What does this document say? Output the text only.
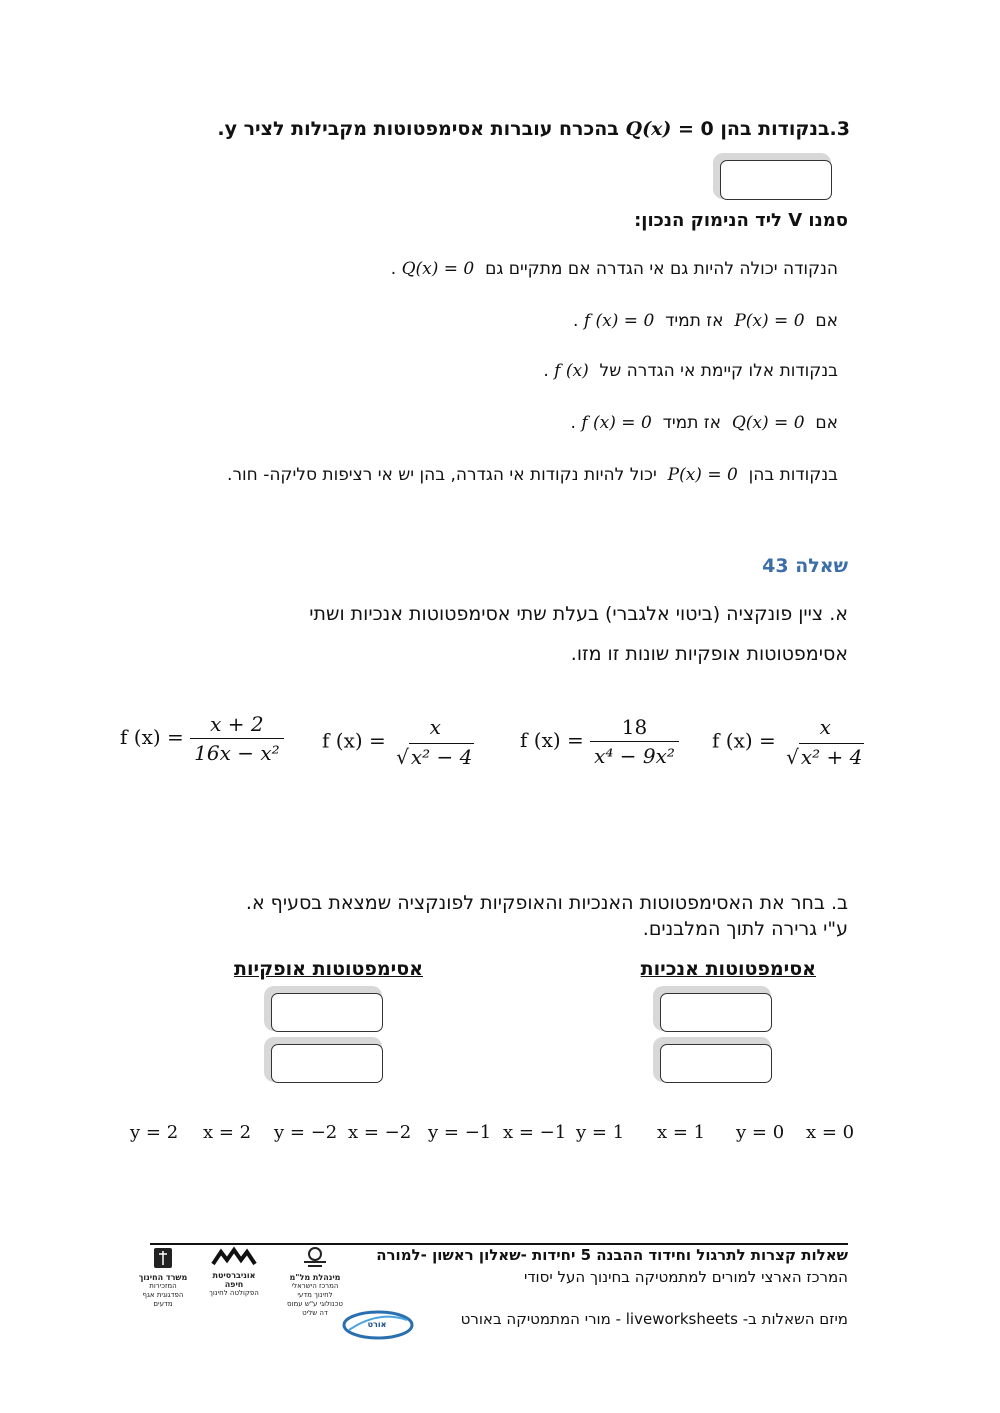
3.בנקודות בהן 0 = Q(x) בהכרח עוברות אסימפטוטות מקבילות לציר y.
סמנו V ליד הנימוק הנכון:
הנקודה יכולה להיות גם אי הגדרה אם מתקיים גם  Q(x) = 0 .
אם  P(x) = 0  אז תמיד  f (x) = 0 .
בנקודות אלו קיימת אי הגדרה של  f (x) .
אם  Q(x) = 0  אז תמיד  f (x) = 0 .
בנקודות בהן  P(x) = 0  יכול להיות נקודות אי הגדרה, בהן יש אי רציפות סליקה- חור.
שאלה 43
א. ציין פונקציה (ביטוי אלגברי) בעלת שתי אסימפטוטות אנכיות ושתי
אסימפטוטות אופקיות שונות זו מזו.
f (x) =
x
√ x² + 4
f $(x) = \frac{18}{\text{x⁴ − 9x²}}$
f (x) =
x
√ x² − 4
f $(x) = \frac{x + 2}{\text{16x − x²}}$
ב. בחר את האסימפטוטות האנכיות והאופקיות לפונקציה שמצאת בסעיף א.
ע"י גרירה לתוך המלבנים.
אסימפטוטות אנכיות
אסימפטוטות אופקיות
x = 0
y = 0
x = 1
y = 1
x = −1
y = −1
x = −2
y = −2
x = 2
y = 2
שאלות קצרות לתרגול וחידוד ההבנה 5 יחידות -שאלון ראשון -למורה
המרכז הארצי למורים למתמטיקה בחינוך העל יסודי
מיזם השאלות ב- liveworksheets - מורי המתמטיקה באורט
מינהלת מל"מ
המרכז הישראלי לחינוך מדעי טכנולוגי ע"ש עמוס דה שליט
אוניברסיטת חיפה
הפקולטה לחינוך
משרד החינוך
המזכירות הפדגוגית אגף מדעים
אורט
